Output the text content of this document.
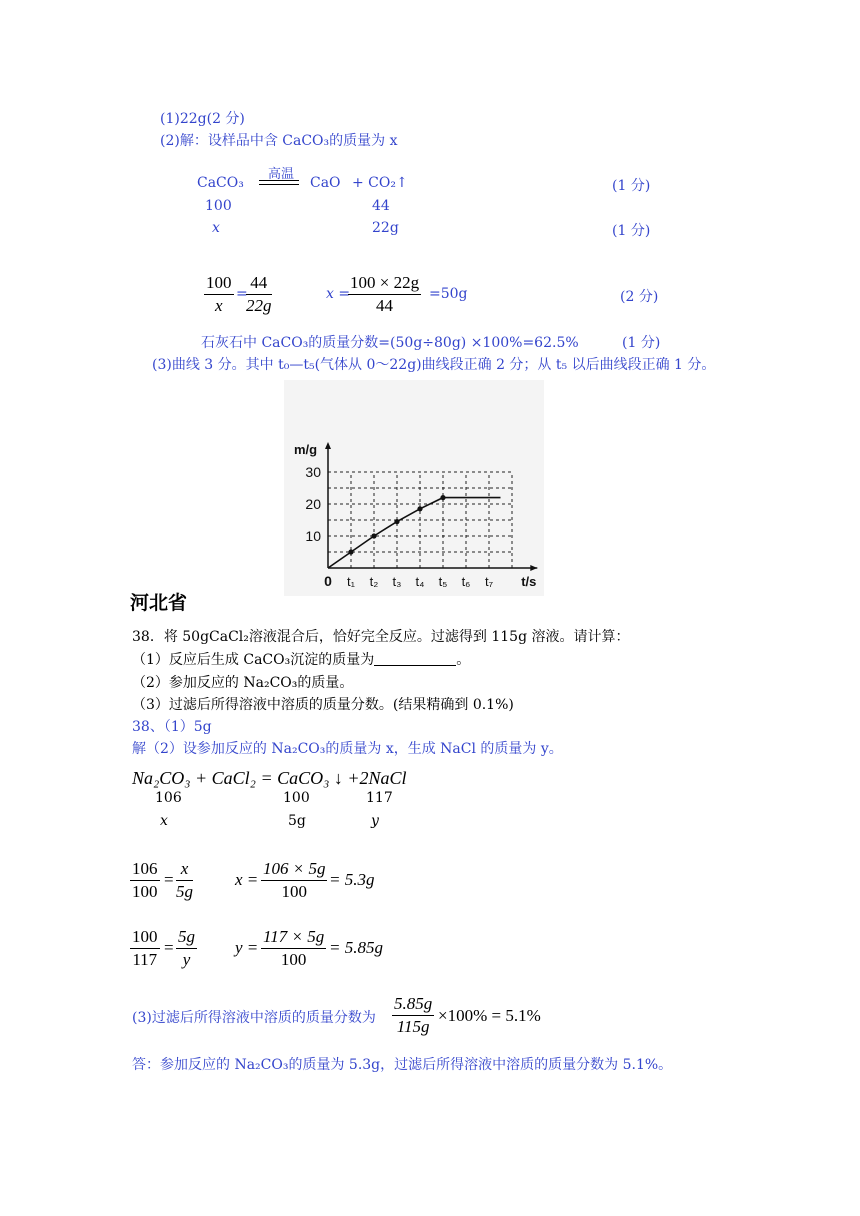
(1)22g(2 分)
(2)解：设样品中含 CaCO₃的质量为 x
CaCO₃
高温
CaO + CO₂↑	(1 分)
100	44
x	22g	(1 分)
$\frac{100}{x}$ =
$\frac{44}{22g}$	x =
$\frac{100 \times 22g}{44} =50g$	(2 分)
石灰石中 CaCO₃的质量分数=(50g÷80g) ×100%=62.5%	(1 分)
(3)曲线 3 分。其中 t₀—t₅(气体从 0～22g)曲线段正确 2 分；从 t₅ 以后曲线段正确 1 分。
10
20
30
m/g
0 t₁ t₂ t₃ t₄ t₅ t₆ t₇ t/s
河北省
38．将 50gCaCl₂溶液混合后，恰好完全反应。过滤得到 115g 溶液。请计算：
（1）反应后生成 CaCO₃沉淀的质量为	。
（2）参加反应的 Na₂CO₃的质量。
（3）过滤后所得溶液中溶质的质量分数。(结果精确到 0.1%)
38、（1）5g
解（2）设参加反应的 Na₂CO₃的质量为 x，生成 NaCl 的质量为 y。
Na₂CO₃ + CaCl₂ = CaCO₃ ↓ +2NaCl
106	100	117
x	5g	y
$\frac{106}{100} = \frac{x}{5g}$ $x = \frac{106 \times 5g}{100} = 5.3g$
$\frac{100}{117} = \frac{5g}{y}$ $y = \frac{117 \times 5g}{100} = 5.85g$
(3)过滤后所得溶液中溶质的质量分数为 $\frac{5.85g}{115g} \times 100\% = 5.1\%$
答：参加反应的 Na₂CO₃的质量为 5.3g，过滤后所得溶液中溶质的质量分数为 5.1%。
